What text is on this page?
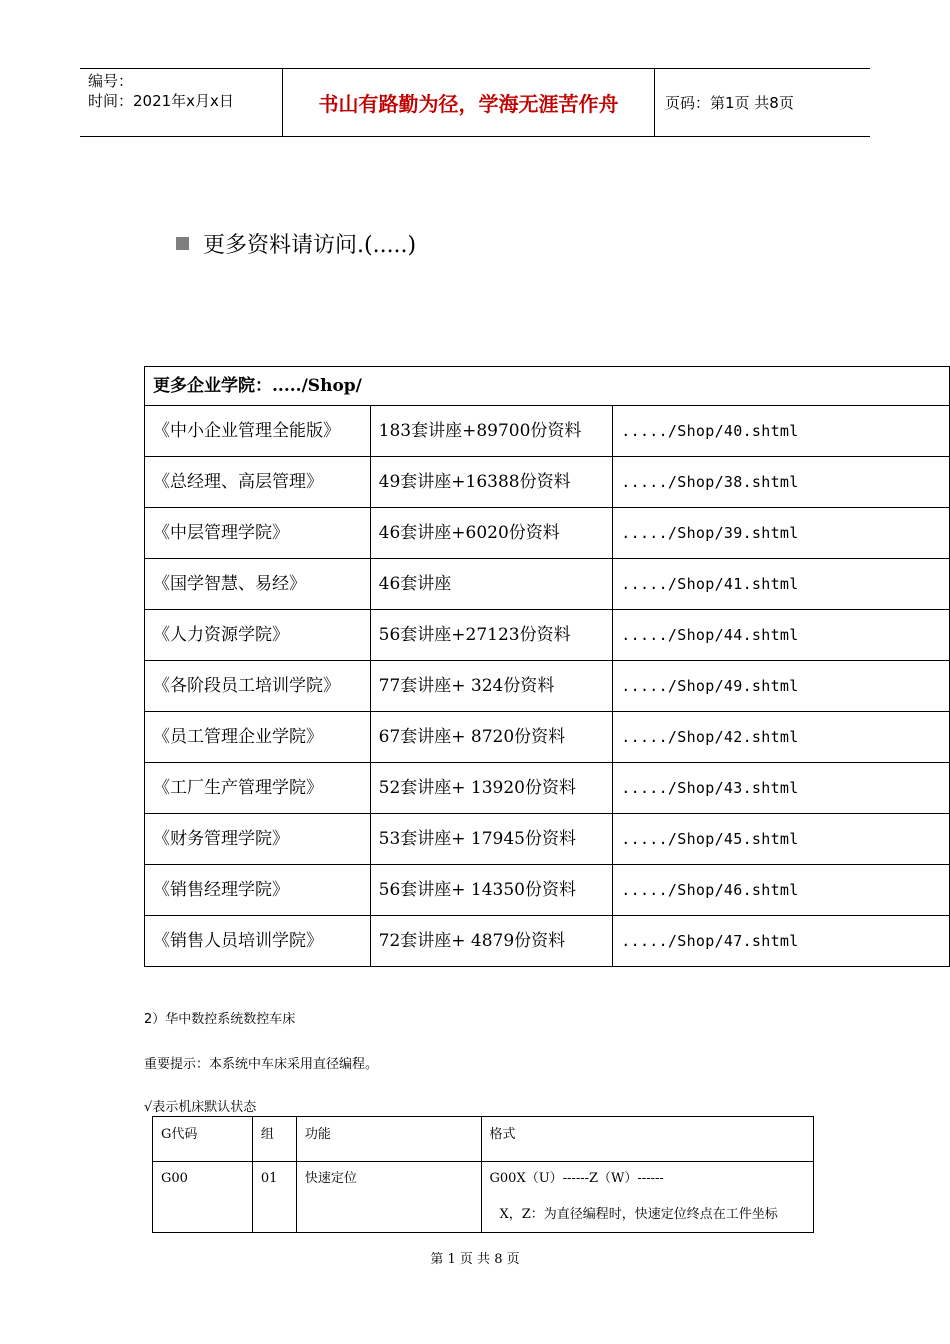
编号：
时间：2021年x月x日	书山有路勤为径，学海无涯苦作舟	页码：第1页 共8页
更多资料请访问.(.....)
更多企业学院：...../Shop/		
《中小企业管理全能版》	183套讲座+89700份资料	...../Shop/40.shtml
《总经理、高层管理》	49套讲座+16388份资料	...../Shop/38.shtml
《中层管理学院》	46套讲座+6020份资料	...../Shop/39.shtml
《国学智慧、易经》	46套讲座	...../Shop/41.shtml
《人力资源学院》	56套讲座+27123份资料	...../Shop/44.shtml
《各阶段员工培训学院》	77套讲座+ 324份资料	...../Shop/49.shtml
《员工管理企业学院》	67套讲座+ 8720份资料	...../Shop/42.shtml
《工厂生产管理学院》	52套讲座+ 13920份资料	...../Shop/43.shtml
《财务管理学院》	53套讲座+ 17945份资料	...../Shop/45.shtml
《销售经理学院》	56套讲座+ 14350份资料	...../Shop/46.shtml
《销售人员培训学院》	72套讲座+ 4879份资料	...../Shop/47.shtml
2）华中数控系统数控车床
重要提示：本系统中车床采用直径编程。
√表示机床默认状态
G代码	组	功能	格式
G00	01	快速定位	G00X（U）------Z（W）------
X，Z：为直径编程时，快速定位终点在工件坐标
第 1 页 共 8 页
